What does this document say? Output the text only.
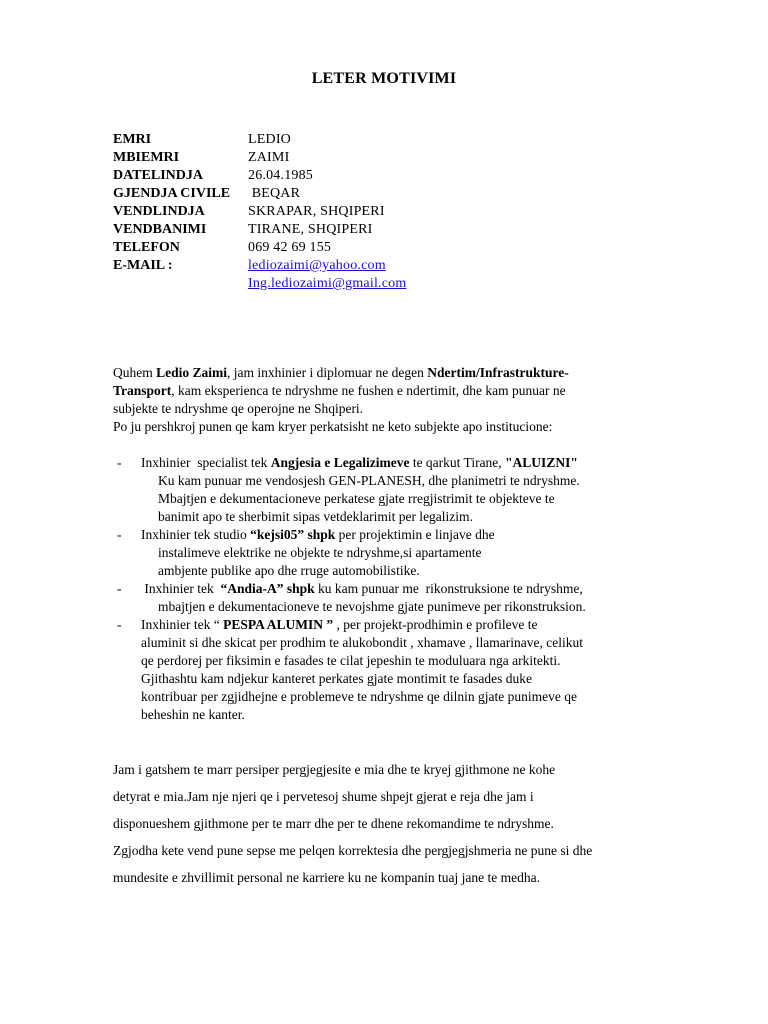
LETER MOTIVIMI
EMRI	LEDIO
MBIEMRI	ZAIMI
DATELINDJA	26.04.1985
GJENDJA CIVILE	BEQAR
VENDLINDJA	SKRAPAR, SHQIPERI
VENDBANIMI	TIRANE, SHQIPERI
TELEFON	069 42 69 155
E-MAIL :	lediozaimi@yahoo.com
Ing.lediozaimi@gmail.com

Quhem Ledio Zaimi, jam inxhinier i diplomuar ne degen Ndertim/Infrastrukture-
Transport, kam eksperienca te ndryshme ne fushen e ndertimit, dhe kam punuar ne
subjekte te ndryshme qe operojne ne Shqiperi.

Po ju pershkroj punen qe kam kryer perkatsisht ne keto subjekte apo institucione:

- Inxhinier  specialist tek Angjesia e Legalizimeve te qarkut Tirane, "ALUIZNI"
Ku kam punuar me vendosjesh GEN-PLANESH, dhe planimetri te ndryshme.
Mbajtjen e dekumentacioneve perkatese gjate rregjistrimit te objekteve te
banimit apo te sherbimit sipas vetdeklarimit per legalizim.
- Inxhinier tek studio “kejsi05” shpk per projektimin e linjave dhe
instalimeve elektrike ne objekte te ndryshme,si apartamente
ambjente publike apo dhe rruge automobilistike.
- Inxhinier tek  “Andia-A” shpk ku kam punuar me  rikonstruksione te ndryshme,
mbajtjen e dekumentacioneve te nevojshme gjate punimeve per rikonstruksion.
- Inxhinier tek “ PESPA ALUMIN ” , per projekt-prodhimin e profileve te
aluminit si dhe skicat per prodhim te alukobondit , xhamave , llamarinave, celikut
qe perdorej per fiksimin e fasades te cilat jepeshin te moduluara nga arkitekti.
Gjithashtu kam ndjekur kanteret perkates gjate montimit te fasades duke
kontribuar per zgjidhejne e problemeve te ndryshme qe dilnin gjate punimeve qe
beheshin ne kanter.
Jam i gatshem te marr persiper pergjegjesite e mia dhe te kryej gjithmone ne kohe
detyrat e mia.Jam nje njeri qe i pervetesoj shume shpejt gjerat e reja dhe jam i
disponueshem gjithmone per te marr dhe per te dhene rekomandime te ndryshme.
Zgjodha kete vend pune sepse me pelqen korrektesia dhe pergjegjshmeria ne pune si dhe
mundesite e zhvillimit personal ne karriere ku ne kompanin tuaj jane te medha.
